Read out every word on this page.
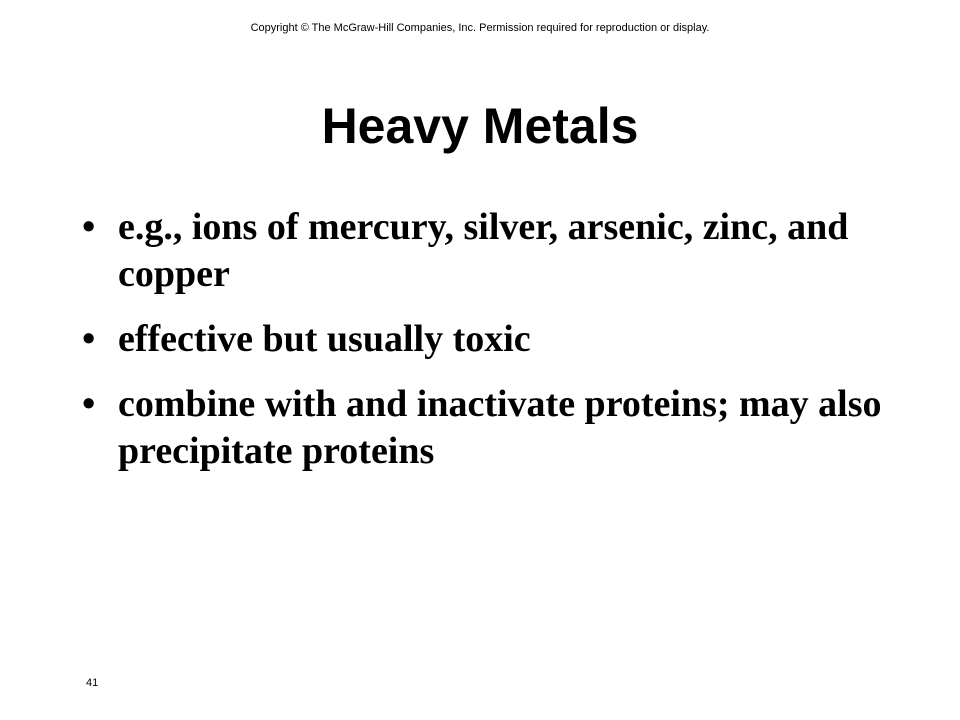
Copyright © The McGraw-Hill Companies, Inc. Permission required for reproduction or display.
Heavy Metals
• e.g., ions of mercury, silver, arsenic, zinc, and copper
• effective but usually toxic
• combine with and inactivate proteins; may also precipitate proteins
41
